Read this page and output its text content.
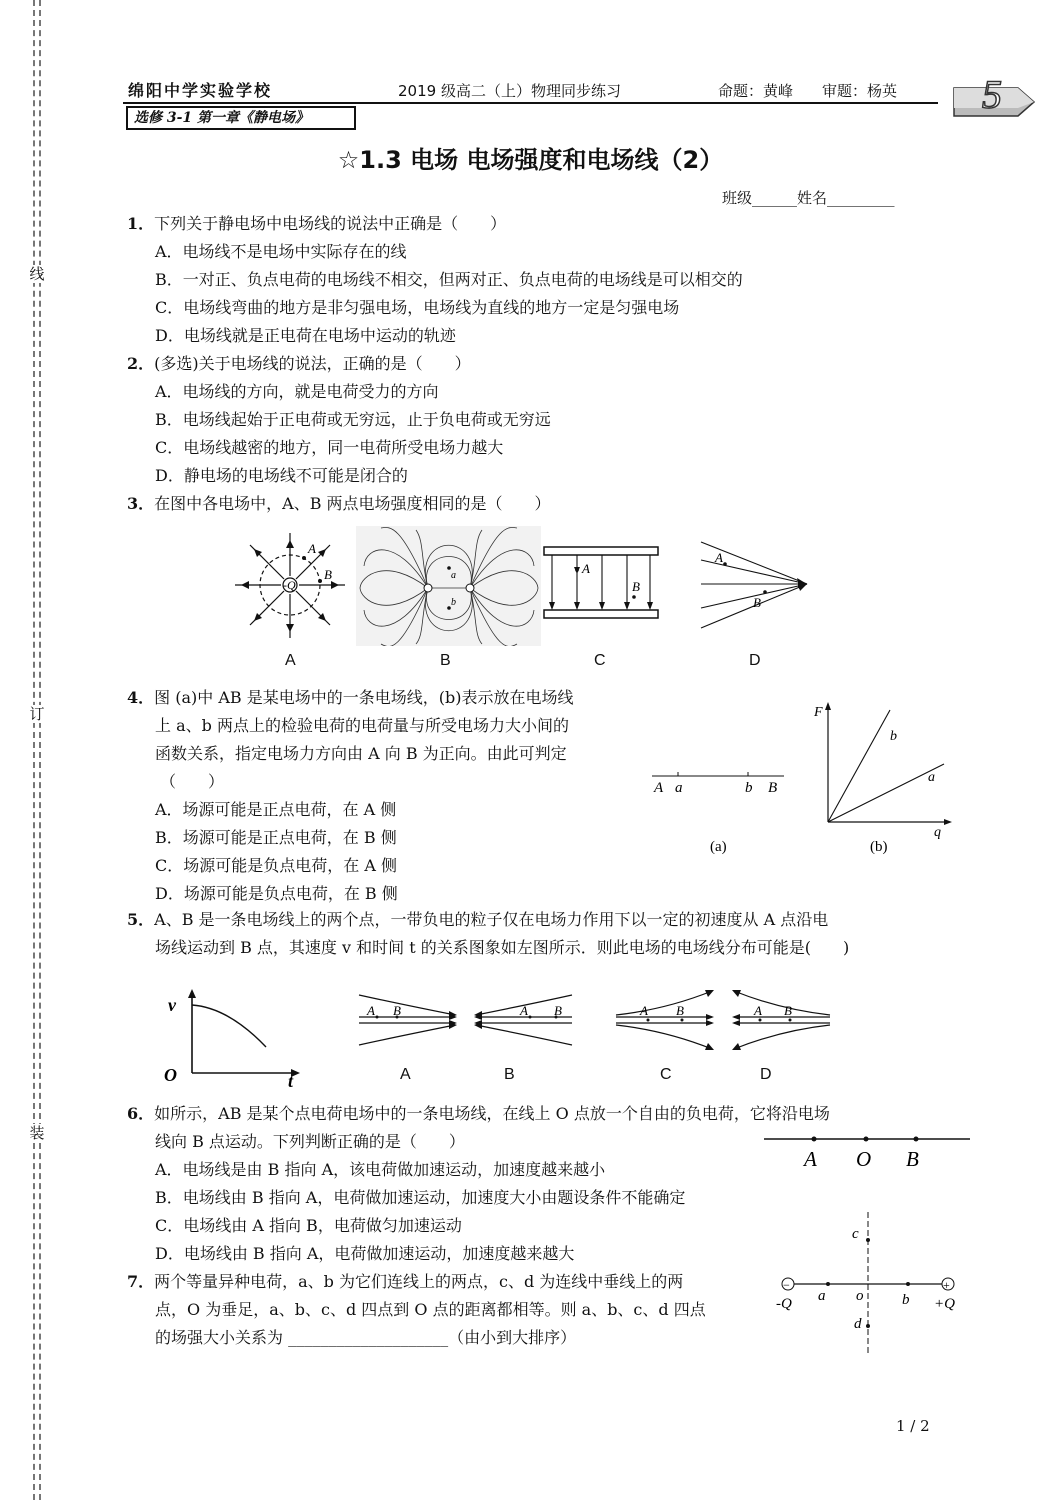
线
订
装
绵阳中学实验学校	2019 级高二（上）物理同步练习	命题：黄峰 审题：杨英
选修 3-1 第一章《静电场》
5
☆1.3 电场 电场强度和电场线（2）
班级______姓名_________
1．下列关于静电场中电场线的说法中正确是（　　）
A．电场线不是电场中实际存在的线
B．一对正、负点电荷的电场线不相交，但两对正、负点电荷的电场线是可以相交的
C．电场线弯曲的地方是非匀强电场，电场线为直线的地方一定是匀强电场
D．电场线就是正电荷在电场中运动的轨迹
2．(多选)关于电场线的说法，正确的是（　　）
A．电场线的方向，就是电荷受力的方向
B．电场线起始于正电荷或无穷远，止于负电荷或无穷远
C．电场线越密的地方，同一电荷所受电场力越大
D．静电场的电场线不可能是闭合的
3．在图中各电场中，A、B 两点电场强度相同的是（　　）
-Q
A
B	a
b
A
B
A
B
A	B	C	D
4．图 (a)中 AB 是某电场中的一条电场线，(b)表示放在电场线
上 a、b 两点上的检验电荷的电荷量与所受电场力大小间的
函数关系，指定电场力方向由 A 向 B 为正向。由此可判定
（　　）
A．场源可能是正点电荷，在 A 侧
B．场源可能是正点电荷，在 B 侧
C．场源可能是负点电荷，在 A 侧
D．场源可能是负点电荷，在 B 侧
A a	b B
(a)
F
q
b
a
(b)
5．A、B 是一条电场线上的两个点，一带负电的粒子仅在电场力作用下以一定的初速度从 A 点沿电
场线运动到 B 点，其速度 v 和时间 t 的关系图象如左图所示．则此电场的电场线分布可能是(　　)
v
t
O
A B	A B	A B	A B
A	B	C	D
6．如所示，AB 是某个点电荷电场中的一条电场线，在线上 O 点放一个自由的负电荷，它将沿电场
线向 B 点运动。下列判断正确的是（　　）
A．电场线是由 B 指向 A，该电荷做加速运动，加速度越来越小
B．电场线由 B 指向 A，电荷做加速运动，加速度大小由题设条件不能确定
C．电场线由 A 指向 B，电荷做匀加速运动
D．电场线由 B 指向 A，电荷做加速运动，加速度越来越大
A O B
7．两个等量异种电荷，a、b 为它们连线上的两点，c、d 为连线中垂线上的两
点，O 为垂足，a、b、c、d 四点到 O 点的距离都相等。则 a、b、c、d 四点
的场强大小关系为 ____________________（由小到大排序）
−	+
-Q	+Q
a o	b
c
d
1 / 2
